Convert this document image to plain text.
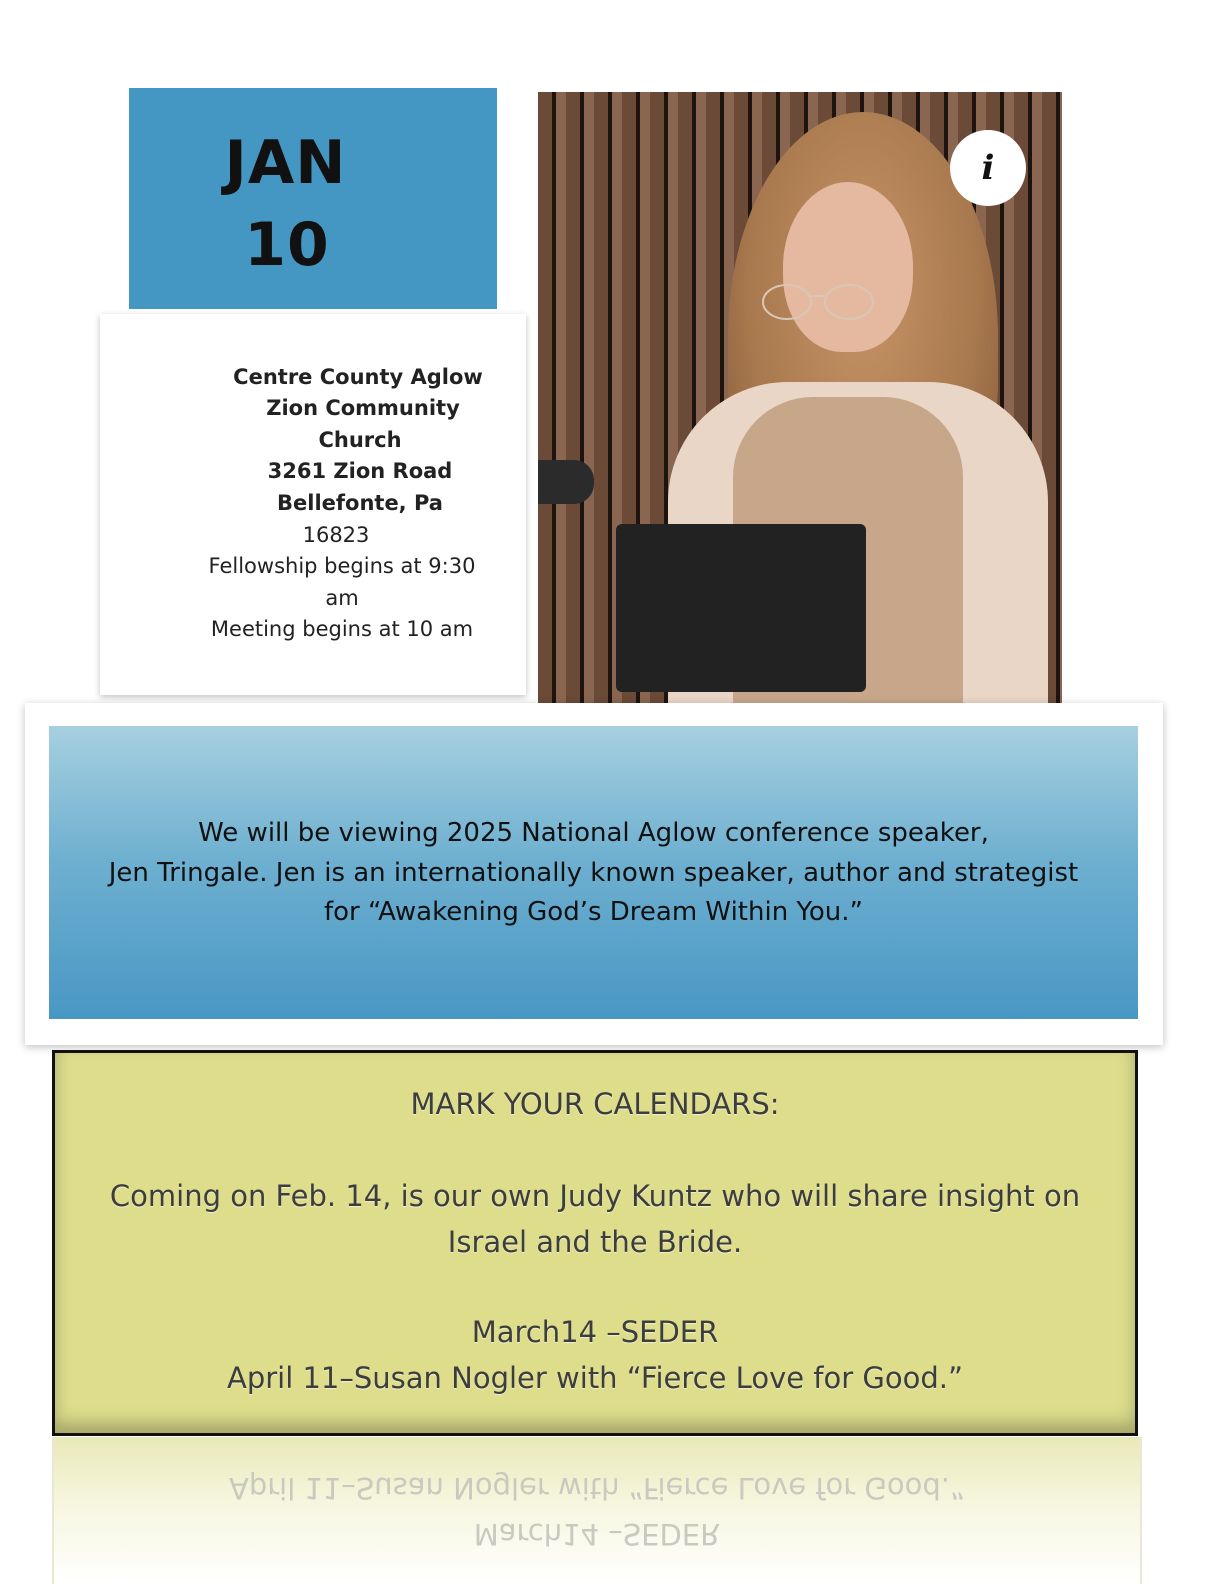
JAN
10
Centre County Aglow
Zion Community
Church
3261 Zion Road
Bellefonte, Pa
16823
Fellowship begins at 9:30
am
Meeting begins at 10 am
i
We will be viewing 2025 National Aglow conference speaker,
Jen Tringale. Jen is an internationally known speaker, author and strategist
for “Awakening God’s Dream Within You.”
MARK YOUR CALENDARS:
Coming on Feb. 14, is our own Judy Kuntz who will share insight on
Israel and the Bride.
March14 –SEDER
April 11–Susan Nogler with “Fierce Love for Good.”
April 11–Susan Nogler with “Fierce Love for Good.”
March14 –SEDER
